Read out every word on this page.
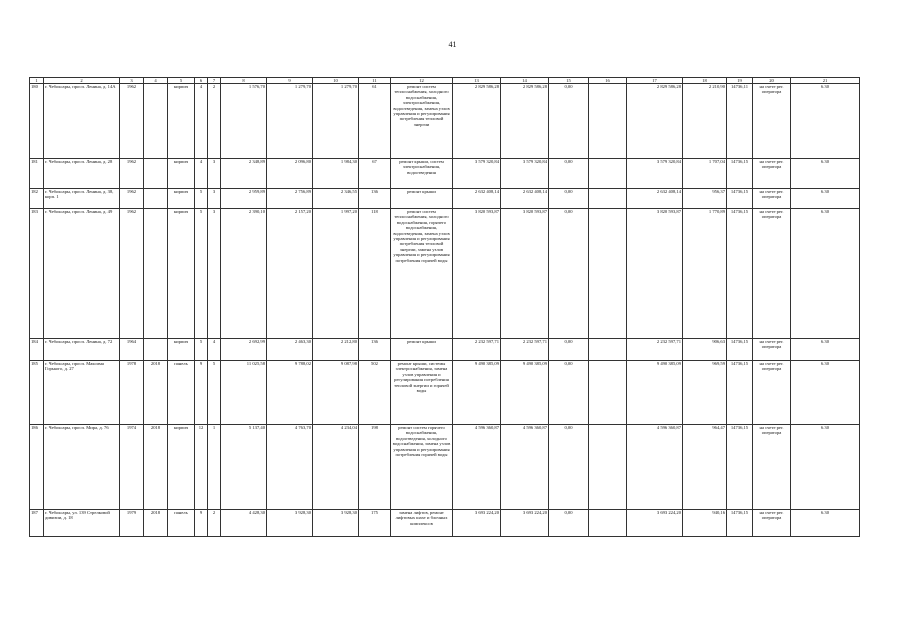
41
1	2	3	4	5	6	7	8	9	10	11	12	13	14	15	16	17	18	19	20	21
180	г. Чебоксары, просп. Ленина, д. 14А	1962		кирпич	4	2	1 576,70	1 279,70	1 279,70	61	ремонт систем теплоснабжения, холодного водоснабжения, электроснабжения, водоотведения, замена узлов управления и регулирования потребления тепловой энергии	2 829 586,28	2 829 586,28	0,00		2 829 586,28	2 210,90	14736,11	на счете рег. оператора	6.30
181	г. Чебоксары, просп. Ленина, д. 28	1962		кирпич	4	3	2 348,89	2 096,80	1 984,30	67	ремонт крыши, систем электроснабжения, водоотведения	3 579 320,84	3 579 320,84	0,00		3 579 320,84	1 707,04	14736,15	на счете рег. оператора	6.30
182	г. Чебоксары, просп. Ленина, д. 38, корп. 1	1962		кирпич	5	3	2 959,89	2 756,89	2 346,55	136	ремонт крыши	2 632 408,14	2 632 408,14	0,00		2 632 408,14	956,37	14736,15	на счете рег. оператора	6.30
183	г. Чебоксары, просп. Ленина, д. 49	1962		кирпич	5	3	2 390,10	2 157,20	1 997,20	118	ремонт систем теплоснабжения, холодного водоснабжения, горячего водоснабжения, водоотведения, замена узлов управления и регулирования потребления тепловой энергии, замена узлов управления и регулирования потребления горячей воды	3 820 593,87	3 820 593,87	0,00		3 820 593,87	1 770,89	14736,15	на счете рег. оператора	6.30
184	г. Чебоксары, просп. Ленина, д. 72	1964		кирпич	5	4	2 692,99	2 463,30	2 212,80	136	ремонт крыши	2 232 597,71	2 232 597,71	0,00		2 232 597,71	906,63	14736,15	на счете рег. оператора	6.30
185	г. Чебоксары, просп. Максима Горького, д. 27	1978	2018	панель	9	5	11 025,58	9 788,02	9 087,98	502	ремонт крыши, системы электроснабжения, замена узлов управления и регулирования потребления тепловой энергии и горячей воды	9 490 385,09	9 490 385,09	0,00		9 490 385,09	969,59	14736,15	на счете рег. оператора	6.30
186	г. Чебоксары, просп. Мира, д. 76	1974	2018	кирпич	12	1	5 137,40	4 763,70	4 234,04	198	ремонт систем горячего водоснабжения, водоотведения, холодного водоснабжения, замена узлов управления и регулирования потребления горячей воды	4 596 360,87	4 596 360,87	0,00		4 596 360,87	964,47	14736,15	на счете рег. оператора	6.30
187	г. Чебоксары, ул. 139 Стрелковой дивизии, д. 18	1979	2018	панель	9	2	4 428,30	3 928,30	3 928,30	175	замена лифтов, ремонт лифтовых шахт и блочных комплексов	3 693 224,20	3 693 224,20	0,00		3 693 224,20	940,16	14736,15	на счете рег. оператора	6.30
